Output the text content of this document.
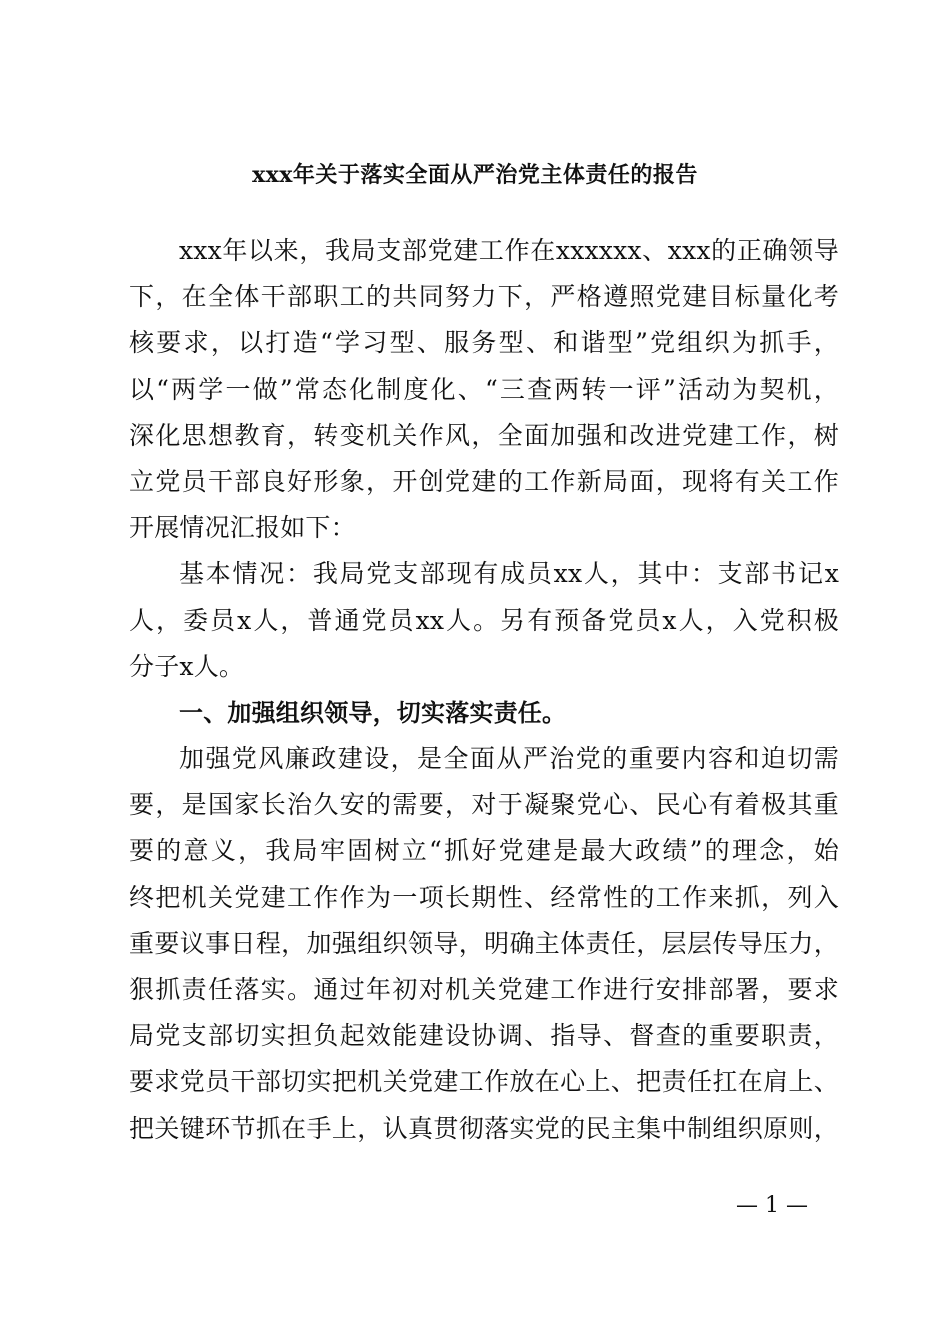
xxx年关于落实全面从严治党主体责任的报告
xxx年以来，我局支部党建工作在xxxxxx、xxx的正确领导
下，在全体干部职工的共同努力下，严格遵照党建目标量化考
核要求，以打造“学习型、服务型、和谐型”党组织为抓手，
以“两学一做”常态化制度化、“三查两转一评”活动为契机，
深化思想教育，转变机关作风，全面加强和改进党建工作，树
立党员干部良好形象，开创党建的工作新局面，现将有关工作
开展情况汇报如下：
基本情况：我局党支部现有成员xx人，其中：支部书记x
人，委员x人，普通党员xx人。另有预备党员x人，入党积极
分子x人。
一、加强组织领导，切实落实责任。
加强党风廉政建设，是全面从严治党的重要内容和迫切需
要，是国家长治久安的需要，对于凝聚党心、民心有着极其重
要的意义，我局牢固树立“抓好党建是最大政绩”的理念，始
终把机关党建工作作为一项长期性、经常性的工作来抓，列入
重要议事日程，加强组织领导，明确主体责任，层层传导压力，
狠抓责任落实。通过年初对机关党建工作进行安排部署，要求
局党支部切实担负起效能建设协调、指导、督查的重要职责，
要求党员干部切实把机关党建工作放在心上、把责任扛在肩上、
把关键环节抓在手上，认真贯彻落实党的民主集中制组织原则，
— 1 —
